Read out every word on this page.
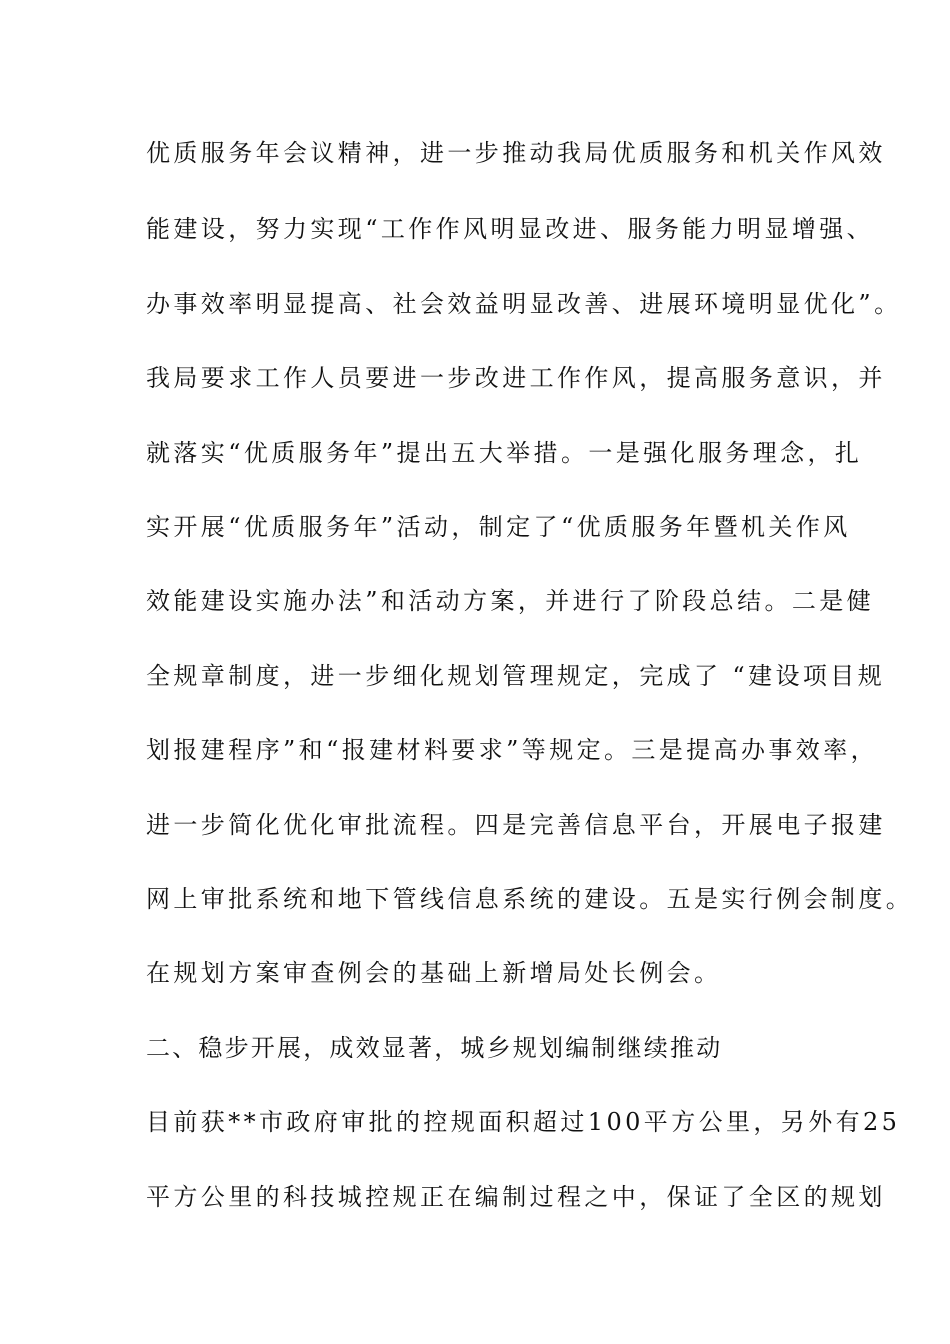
优质服务年会议精神，进一步推动我局优质服务和机关作风效
能建设，努力实现“工作作风明显改进、服务能力明显增强、
办事效率明显提高、社会效益明显改善、进展环境明显优化”。
我局要求工作人员要进一步改进工作作风，提高服务意识，并
就落实“优质服务年”提出五大举措。一是强化服务理念，扎
实开展“优质服务年”活动，制定了“优质服务年暨机关作风
效能建设实施办法”和活动方案，并进行了阶段总结。二是健
全规章制度，进一步细化规划管理规定，完成了 “建设项目规
划报建程序”和“报建材料要求”等规定。三是提高办事效率，
进一步简化优化审批流程。四是完善信息平台，开展电子报建
网上审批系统和地下管线信息系统的建设。五是实行例会制度。
在规划方案审查例会的基础上新增局处长例会。
二、稳步开展，成效显著，城乡规划编制继续推动
目前获**市政府审批的控规面积超过100平方公里，另外有25
平方公里的科技城控规正在编制过程之中，保证了全区的规划
